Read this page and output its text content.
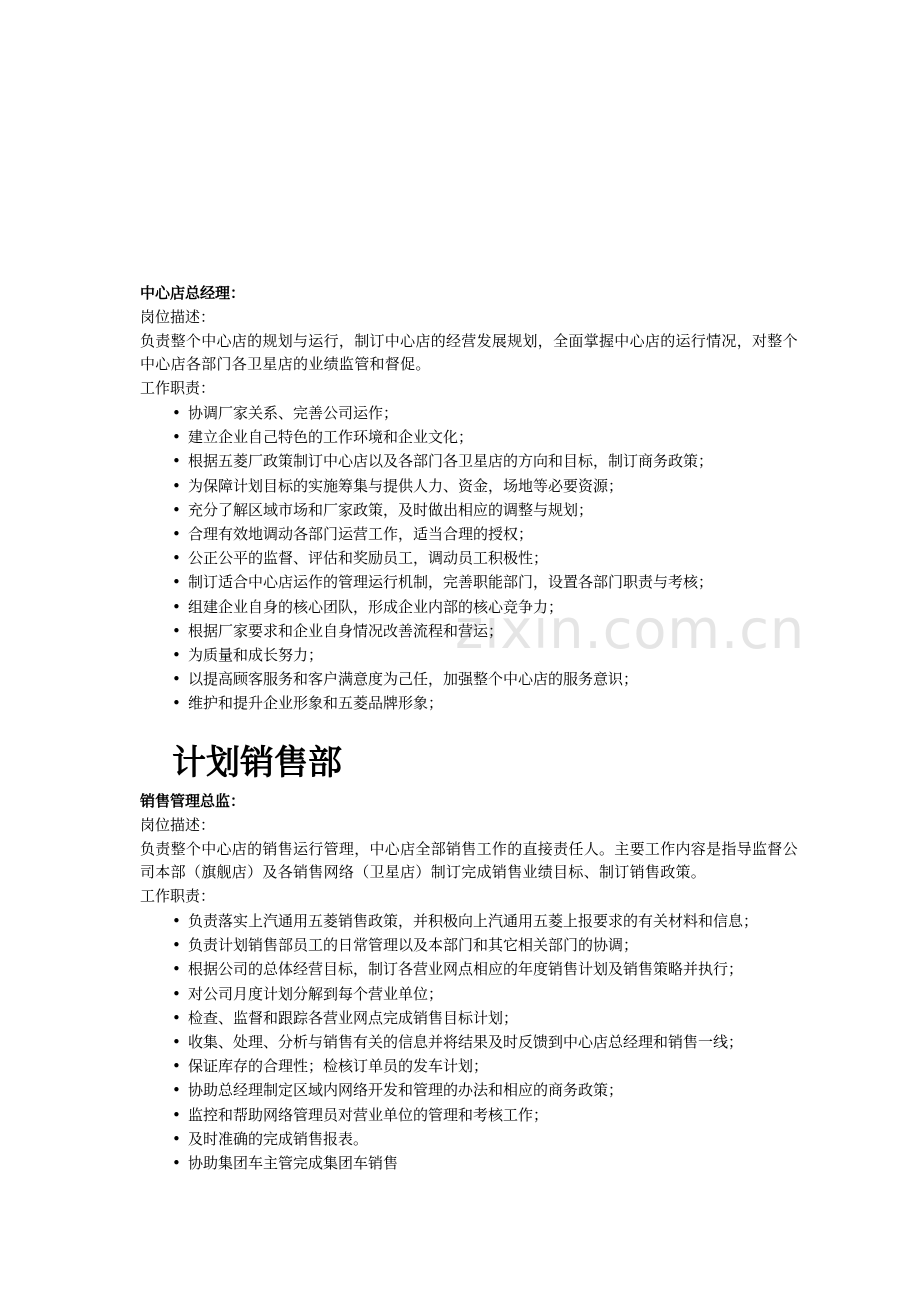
zixin.com.cn
中心店总经理：
岗位描述：
负责整个中心店的规划与运行，制订中心店的经营发展规划，全面掌握中心店的运行情况，对整个中心店各部门各卫星店的业绩监管和督促。
工作职责：
• 协调厂家关系、完善公司运作；
• 建立企业自己特色的工作环境和企业文化；
• 根据五菱厂政策制订中心店以及各部门各卫星店的方向和目标，制订商务政策；
• 为保障计划目标的实施筹集与提供人力、资金，场地等必要资源；
• 充分了解区域市场和厂家政策，及时做出相应的调整与规划；
• 合理有效地调动各部门运营工作，适当合理的授权；
• 公正公平的监督、评估和奖励员工，调动员工积极性；
• 制订适合中心店运作的管理运行机制，完善职能部门，设置各部门职责与考核；
• 组建企业自身的核心团队，形成企业内部的核心竞争力；
• 根据厂家要求和企业自身情况改善流程和营运；
• 为质量和成长努力；
• 以提高顾客服务和客户满意度为己任，加强整个中心店的服务意识；
• 维护和提升企业形象和五菱品牌形象；
计划销售部
销售管理总监：
岗位描述：
负责整个中心店的销售运行管理，中心店全部销售工作的直接责任人。主要工作内容是指导监督公司本部（旗舰店）及各销售网络（卫星店）制订完成销售业绩目标、制订销售政策。
工作职责：
• 负责落实上汽通用五菱销售政策，并积极向上汽通用五菱上报要求的有关材料和信息；
• 负责计划销售部员工的日常管理以及本部门和其它相关部门的协调；
• 根据公司的总体经营目标，制订各营业网点相应的年度销售计划及销售策略并执行；
• 对公司月度计划分解到每个营业单位；
• 检查、监督和跟踪各营业网点完成销售目标计划；
• 收集、处理、分析与销售有关的信息并将结果及时反馈到中心店总经理和销售一线；
• 保证库存的合理性；检核订单员的发车计划；
• 协助总经理制定区域内网络开发和管理的办法和相应的商务政策；
• 监控和帮助网络管理员对营业单位的管理和考核工作；
• 及时准确的完成销售报表。
• 协助集团车主管完成集团车销售
